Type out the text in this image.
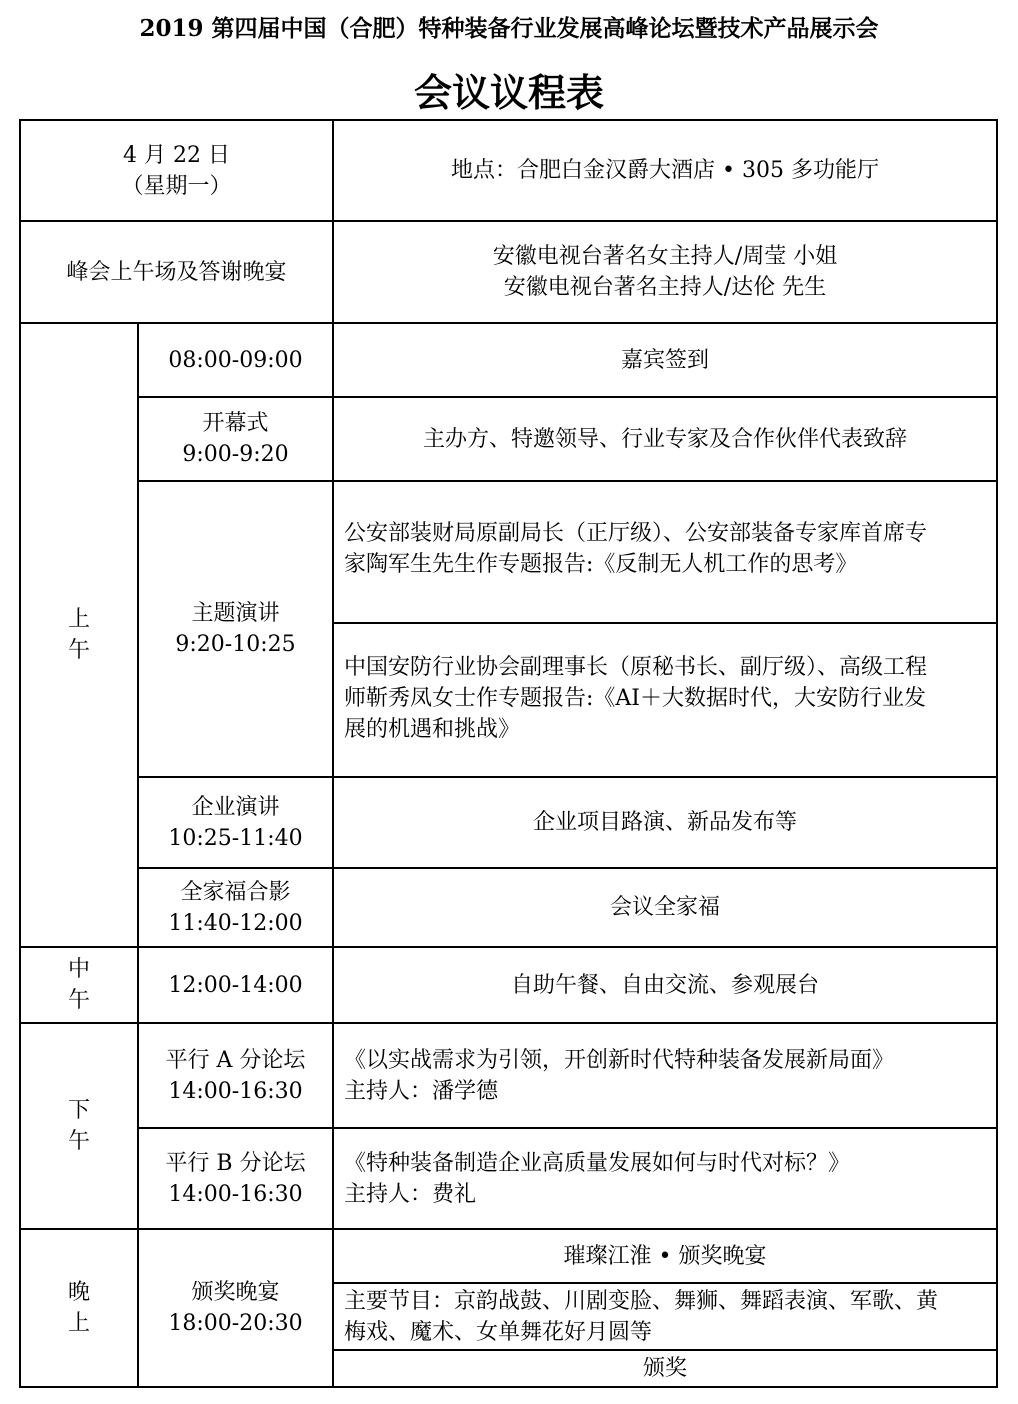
2019 第四届中国（合肥）特种装备行业发展高峰论坛暨技术产品展示会
会议议程表
4 月 22 日
（星期一）
地点：合肥白金汉爵大酒店 • 305 多功能厅
峰会上午场及答谢晚宴
安徽电视台著名女主持人/周莹 小姐
安徽电视台著名主持人/达伦 先生
上
午
中
午
下
午
晚
上
08:00-09:00	嘉宾签到
开幕式
9:00-9:20
主办方、特邀领导、行业专家及合作伙伴代表致辞
主题演讲
9:20-10:25
公安部装财局原副局长（正厅级）、公安部装备专家库首席专
家陶军生先生作专题报告:《反制无人机工作的思考》
中国安防行业协会副理事长（原秘书长、副厅级）、高级工程
师靳秀凤女士作专题报告:《AI＋大数据时代，大安防行业发
展的机遇和挑战》
企业演讲
10:25-11:40
企业项目路演、新品发布等
全家福合影
11:40-12:00
会议全家福
12:00-14:00	自助午餐、自由交流、参观展台
平行 A 分论坛
14:00-16:30
《以实战需求为引领，开创新时代特种装备发展新局面》
主持人：潘学德
平行 B 分论坛
14:00-16:30
《特种装备制造企业高质量发展如何与时代对标？》
主持人：费礼
颁奖晚宴
18:00-20:30
璀璨江淮 • 颁奖晚宴
主要节目：京韵战鼓、川剧变脸、舞狮、舞蹈表演、军歌、黄
梅戏、魔术、女单舞花好月圆等
颁奖
